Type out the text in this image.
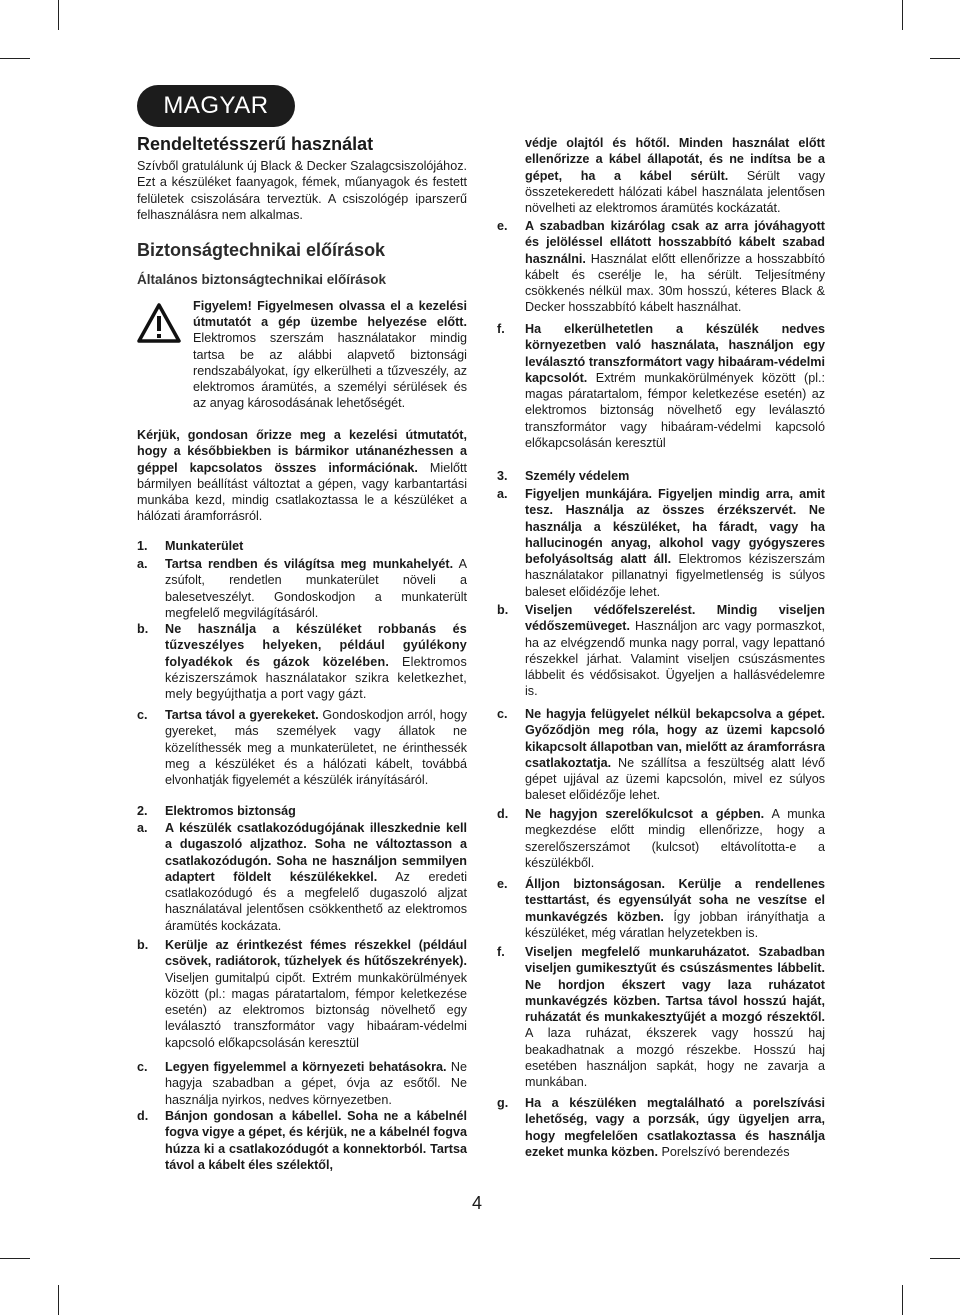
MAGYAR
Rendeltetésszerű használat
Szívből gratulálunk új Black & Decker Szalagcsiszolójához. Ezt a készüléket faanyagok, fémek, műanyagok és festett felületek csiszolására terveztük. A csiszológép iparszerű felhasználásra nem alkalmas.
Biztonságtechnikai előírások
Általános biztonságtechnikai előírások
Figyelem! Figyelmesen olvassa el a kezelési útmutatót a gép üzembe helyezése előtt. Elektromos szerszám használatakor mindig tartsa be az alábbi alapvető biztonsági rendszabályokat, így elkerülheti a tűzveszély, az elektromos áramütés, a személyi sérülések és az anyag károsodásának lehetőségét.
Kérjük, gondosan őrizze meg a kezelési útmutatót, hogy a későbbiekben is bármikor utánanézhessen a géppel kapcsolatos összes információnak. Mielőtt bármilyen beállítást változtat a gépen, vagy karbantartási munkába kezd, mindig csatlakoztassa le a készüléket a hálózati áramforrásról.
1. Munkaterület
a. Tartsa rendben és világítsa meg munkahelyét. A zsúfolt, rendetlen munkaterület növeli a balesetveszélyt. Gondoskodjon a munkaterült megfelelő megvilágításáról.
b. Ne használja a készüléket robbanás és tűzveszélyes helyeken, például gyúlékony folyadékok és gázok közelében. Elektromos kéziszerszámok használatakor szikra keletkezhet, mely begyújthatja a port vagy gázt.
c. Tartsa távol a gyerekeket. Gondoskodjon arról, hogy gyereket, más személyek vagy állatok ne közelíthessék meg a munkaterületet, ne érinthessék meg a készüléket és a hálózati kábelt, továbbá elvonhatják figyelemét a készülék irányításáról.
2. Elektromos biztonság
a. A készülék csatlakozódugójának illeszkednie kell a dugaszoló aljzathoz. Soha ne változtasson a csatlakozódugón. Soha ne használjon semmilyen adaptert földelt készülékekkel. Az eredeti csatlakozódugó és a megfelelő dugaszoló aljzat használatával jelentősen csökkenthető az elektromos áramütés kockázata.
b. Kerülje az érintkezést fémes részekkel (például csövek, radiátorok, tűzhelyek és hűtőszekrények). Viseljen gumitalpú cipőt. Extrém munkakörülmények között (pl.: magas páratartalom, fémpor keletkezése esetén) az elektromos biztonság növelhető egy leválasztó transzformátor vagy hibaáram-védelmi kapcsoló előkapcsolásán keresztül
c. Legyen figyelemmel a környezeti behatásokra. Ne hagyja szabadban a gépet, óvja az esőtől. Ne használja nyirkos, nedves környezetben.
d. Bánjon gondosan a kábellel. Soha ne a kábelnél fogva vigye a gépet, és kérjük, ne a kábelnél fogva húzza ki a csatlakozódugót a konnektorból. Tartsa távol a kábelt éles szélektől,
védje olajtól és hőtől. Minden használat előtt ellenőrizze a kábel állapotát, és ne indítsa be a gépet, ha a kábel sérült. Sérült vagy összetekeredett hálózati kábel használata jelentősen növelheti az elektromos áramütés kockázatát.
e. A szabadban kizárólag csak az arra jóváhagyott és jelöléssel ellátott hosszabbító kábelt szabad használni. Használat előtt ellenőrizze a hosszabbító kábelt és cserélje le, ha sérült. Teljesítmény csökkenés nélkül max. 30m hosszú, kéteres Black & Decker hosszabbító kábelt használhat.
f. Ha elkerülhetetlen a készülék nedves környezetben való használata, használjon egy leválasztó transzformátort vagy hibaáram-védelmi kapcsolót. Extrém munkakörülmények között (pl.: magas páratartalom, fémpor keletkezése esetén) az elektromos biztonság növelhető egy leválasztó transzformátor vagy hibaáram-védelmi kapcsoló előkapcsolásán keresztül
3. Személy védelem
a. Figyeljen munkájára. Figyeljen mindig arra, amit tesz. Használja az összes érzékszervét. Ne használja a készüléket, ha fáradt, vagy ha hallucinogén anyag, alkohol vagy gyógyszeres befolyásoltság alatt áll. Elektromos kéziszerszám használatakor pillanatnyi figyelmetlenség is súlyos baleset előidézője lehet.
b. Viseljen védőfelszerelést. Mindig viseljen védőszemüveget. Használjon arc vagy pormaszkot, ha az elvégzendő munka nagy porral, vagy lepattanó részekkel járhat. Valamint viseljen csúszásmentes lábbelit és védősisakot. Ügyeljen a hallásvédelemre is.
c. Ne hagyja felügyelet nélkül bekapcsolva a gépet. Győződjön meg róla, hogy az üzemi kapcsoló kikapcsolt állapotban van, mielőtt az áramforrásra csatlakoztatja. Ne szállítsa a feszültség alatt lévő gépet ujjával az üzemi kapcsolón, mivel ez súlyos baleset előidézője lehet.
d. Ne hagyjon szerelőkulcsot a gépben. A munka megkezdése előtt mindig ellenőrizze, hogy a szerelőszerszámot (kulcsot) eltávolította-e a készülékből.
e. Álljon biztonságosan. Kerülje a rendellenes testtartást, és egyensúlyát soha ne veszítse el munkavégzés közben. Így jobban irányíthatja a készüléket, még váratlan helyzetekben is.
f. Viseljen megfelelő munkaruházatot. Szabadban viseljen gumikesztyűt és csúszásmentes lábbelit. Ne hordjon ékszert vagy laza ruházatot munkavégzés közben. Tartsa távol hosszú haját, ruházatát és munkakesztyűjét a mozgó részektől. A laza ruházat, ékszerek vagy hosszú haj beakadhatnak a mozgó részekbe. Hosszú haj esetében használjon sapkát, hogy ne zavarja a munkában.
g. Ha a készüléken megtalálható a porelszívási lehetőség, vagy a porzsák, úgy ügyeljen arra, hogy megfelelően csatlakoztassa és használja ezeket munka közben. Porelszívó berendezés
4
